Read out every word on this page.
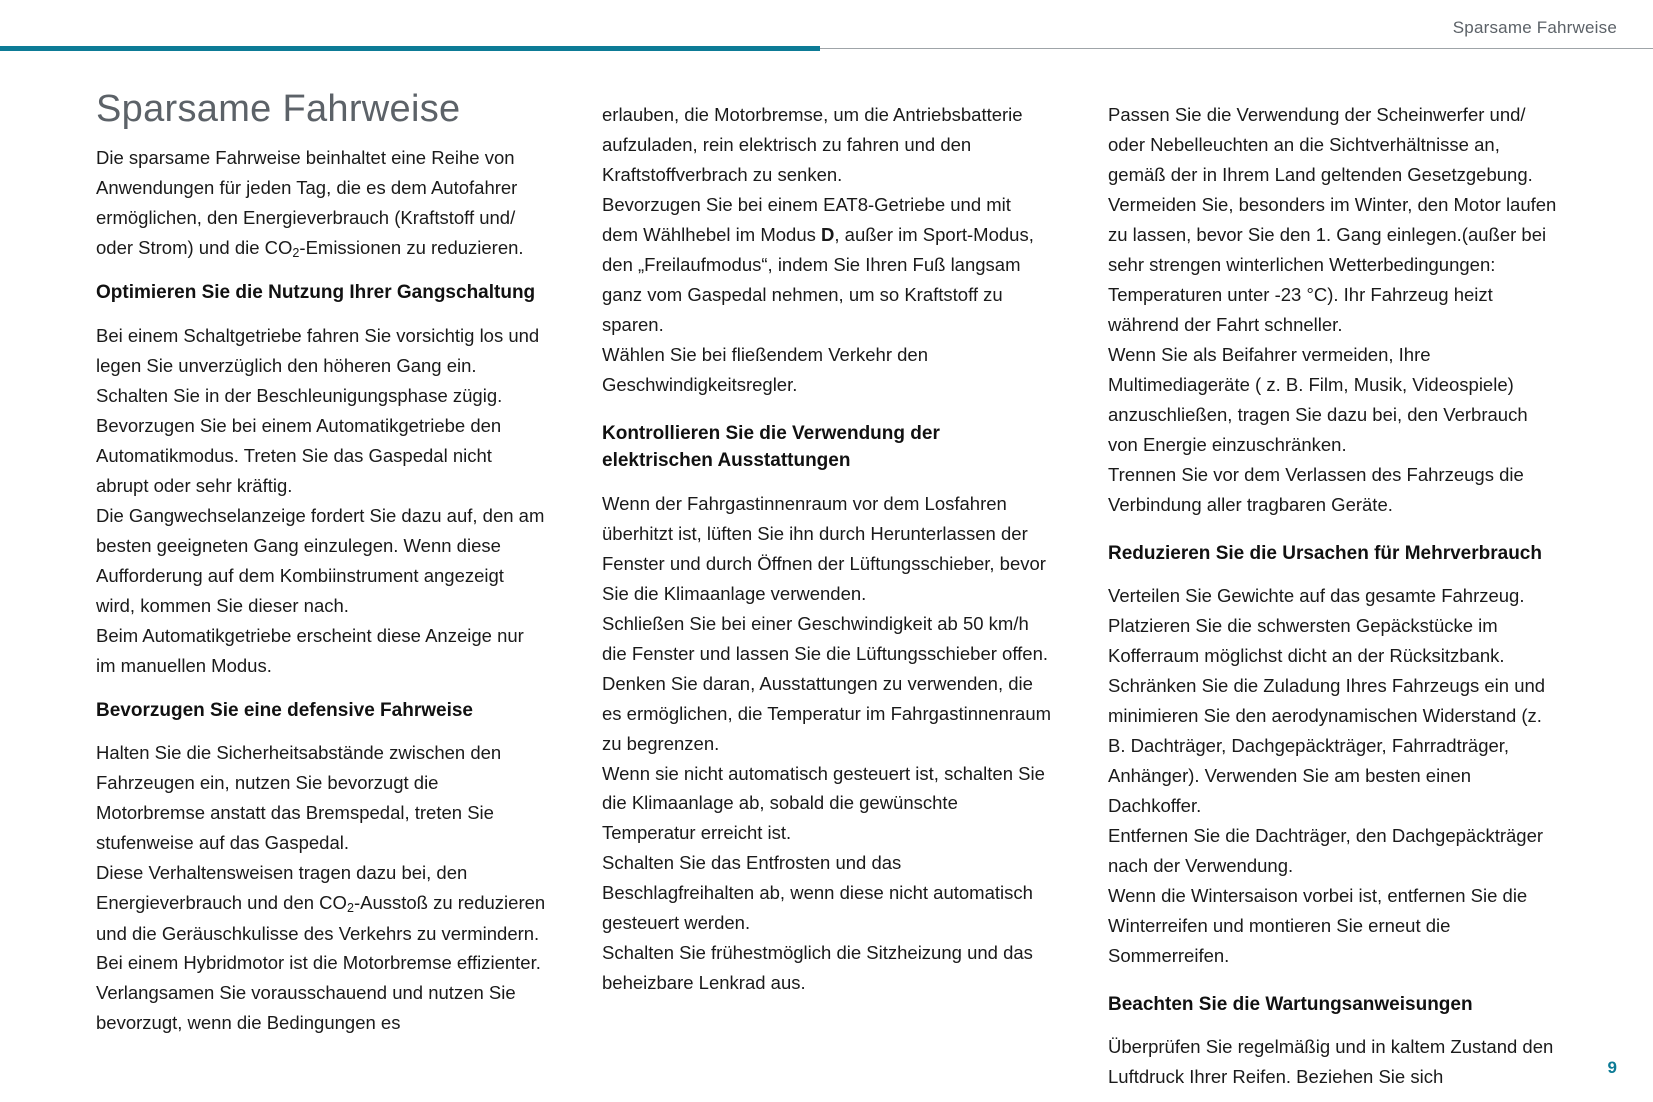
Sparsame Fahrweise
Sparsame Fahrweise

Die sparsame Fahrweise beinhaltet eine Reihe von Anwendungen für jeden Tag, die es dem Autofahrer ermöglichen, den Energieverbrauch (Kraftstoff und/ oder Strom) und die $CO_2$-Emissionen zu reduzieren.

Optimieren Sie die Nutzung Ihrer Gangschaltung

Bei einem Schaltgetriebe fahren Sie vorsichtig los und legen Sie unverzüglich den höheren Gang ein. Schalten Sie in der Beschleunigungsphase zügig.

Bevorzugen Sie bei einem Automatikgetriebe den Automatikmodus. Treten Sie das Gaspedal nicht abrupt oder sehr kräftig.

Die Gangwechselanzeige fordert Sie dazu auf, den am besten geeigneten Gang einzulegen. Wenn diese Aufforderung auf dem Kombiinstrument angezeigt wird, kommen Sie dieser nach.

Beim Automatikgetriebe erscheint diese Anzeige nur im manuellen Modus.

Bevorzugen Sie eine defensive Fahrweise

Halten Sie die Sicherheitsabstände zwischen den Fahrzeugen ein, nutzen Sie bevorzugt die Motorbremse anstatt das Bremspedal, treten Sie stufenweise auf das Gaspedal.

Diese Verhaltensweisen tragen dazu bei, den Energieverbrauch und den $CO_2$-Ausstoß zu reduzieren und die Geräuschkulisse des Verkehrs zu vermindern.

Bei einem Hybridmotor ist die Motorbremse effizienter. Verlangsamen Sie vorausschauend und nutzen Sie bevorzugt, wenn die Bedingungen es

erlauben, die Motorbremse, um die Antriebsbatterie aufzuladen, rein elektrisch zu fahren und den Kraftstoffverbrach zu senken.

Bevorzugen Sie bei einem EAT8-Getriebe und mit dem Wählhebel im Modus D, außer im Sport-Modus, den „Freilaufmodus“, indem Sie Ihren Fuß langsam ganz vom Gaspedal nehmen, um so Kraftstoff zu sparen.

Wählen Sie bei fließendem Verkehr den Geschwindigkeitsregler.

Kontrollieren Sie die Verwendung der elektrischen Ausstattungen

Wenn der Fahrgastinnenraum vor dem Losfahren überhitzt ist, lüften Sie ihn durch Herunterlassen der Fenster und durch Öffnen der Lüftungsschieber, bevor Sie die Klimaanlage verwenden.

Schließen Sie bei einer Geschwindigkeit ab 50 km/h die Fenster und lassen Sie die Lüftungsschieber offen.

Denken Sie daran, Ausstattungen zu verwenden, die es ermöglichen, die Temperatur im Fahrgastinnenraum zu begrenzen.

Wenn sie nicht automatisch gesteuert ist, schalten Sie die Klimaanlage ab, sobald die gewünschte Temperatur erreicht ist.

Schalten Sie das Entfrosten und das Beschlagfreihalten ab, wenn diese nicht automatisch gesteuert werden.

Schalten Sie frühestmöglich die Sitzheizung und das beheizbare Lenkrad aus.

Passen Sie die Verwendung der Scheinwerfer und/ oder Nebelleuchten an die Sichtverhältnisse an, gemäß der in Ihrem Land geltenden Gesetzgebung.

Vermeiden Sie, besonders im Winter, den Motor laufen zu lassen, bevor Sie den 1. Gang einlegen.(außer bei sehr strengen winterlichen Wetterbedingungen: Temperaturen unter -23 °C). Ihr Fahrzeug heizt während der Fahrt schneller.

Wenn Sie als Beifahrer vermeiden, Ihre Multimediageräte ( z. B. Film, Musik, Videospiele) anzuschließen, tragen Sie dazu bei, den Verbrauch von Energie einzuschränken.

Trennen Sie vor dem Verlassen des Fahrzeugs die Verbindung aller tragbaren Geräte.

Reduzieren Sie die Ursachen für Mehrverbrauch

Verteilen Sie Gewichte auf das gesamte Fahrzeug. Platzieren Sie die schwersten Gepäckstücke im Kofferraum möglichst dicht an der Rücksitzbank.

Schränken Sie die Zuladung Ihres Fahrzeugs ein und minimieren Sie den aerodynamischen Widerstand (z. B. Dachträger, Dachgepäckträger, Fahrradträger, Anhänger). Verwenden Sie am besten einen Dachkoffer.

Entfernen Sie die Dachträger, den Dachgepäckträger nach der Verwendung.

Wenn die Wintersaison vorbei ist, entfernen Sie die Winterreifen und montieren Sie erneut die Sommerreifen.

Beachten Sie die Wartungsanweisungen

Überprüfen Sie regelmäßig und in kaltem Zustand den Luftdruck Ihrer Reifen. Beziehen Sie sich	9
